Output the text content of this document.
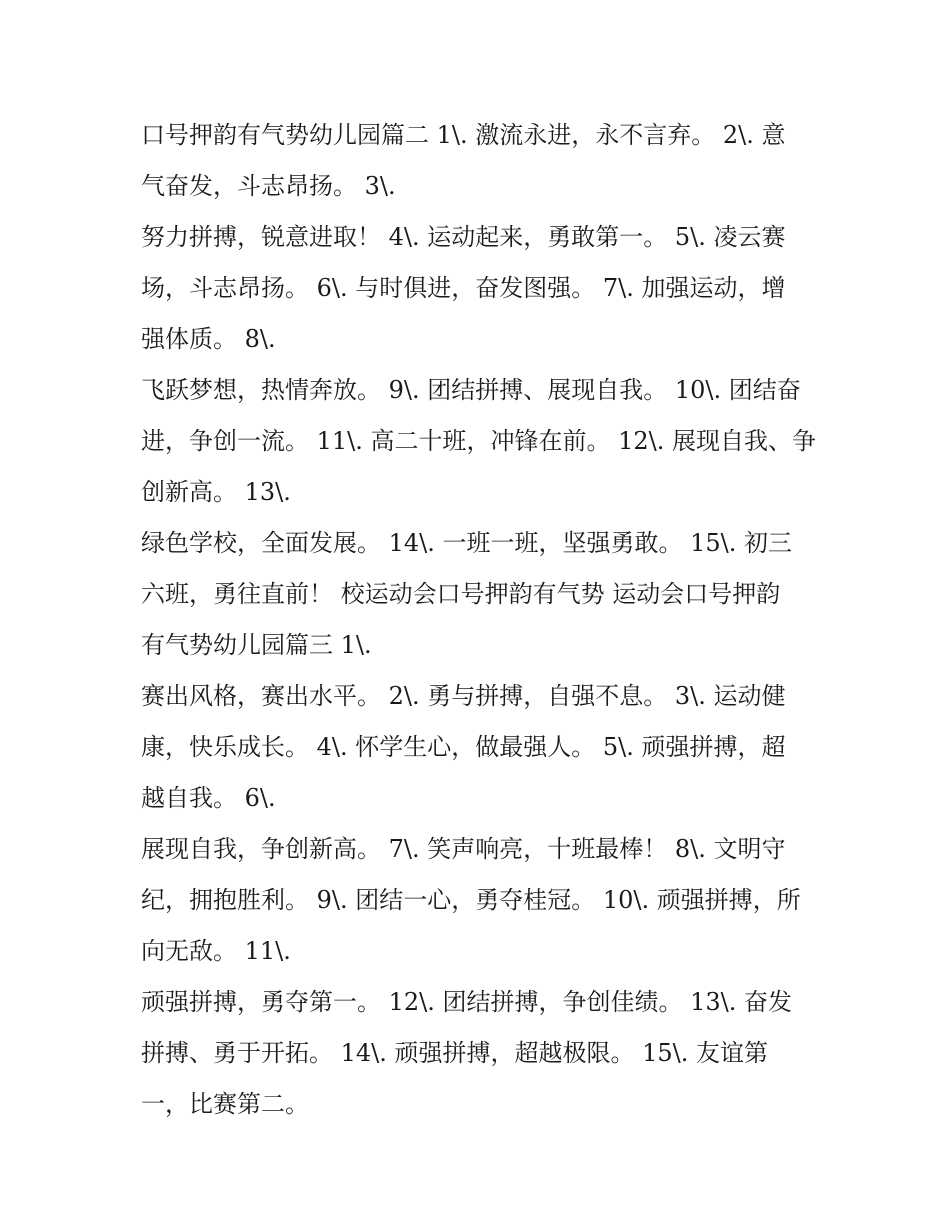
口号押韵有气势幼儿园篇二 1\. 激流永进，永不言弃。 2\. 意
气奋发，斗志昂扬。 3\.
努力拼搏，锐意进取！ 4\. 运动起来，勇敢第一。 5\. 凌云赛
场，斗志昂扬。 6\. 与时俱进，奋发图强。 7\. 加强运动，增
强体质。 8\.
飞跃梦想，热情奔放。 9\. 团结拼搏、展现自我。 10\. 团结奋
进，争创一流。 11\. 高二十班，冲锋在前。 12\. 展现自我、争
创新高。 13\.
绿色学校，全面发展。 14\. 一班一班，坚强勇敢。 15\. 初三
六班，勇往直前！ 校运动会口号押韵有气势 运动会口号押韵
有气势幼儿园篇三 1\.
赛出风格，赛出水平。 2\. 勇与拼搏，自强不息。 3\. 运动健
康，快乐成长。 4\. 怀学生心，做最强人。 5\. 顽强拼搏，超
越自我。 6\.
展现自我，争创新高。 7\. 笑声响亮，十班最棒！ 8\. 文明守
纪，拥抱胜利。 9\. 团结一心，勇夺桂冠。 10\. 顽强拼搏，所
向无敌。 11\.
顽强拼搏，勇夺第一。 12\. 团结拼搏，争创佳绩。 13\. 奋发
拼搏、勇于开拓。 14\. 顽强拼搏，超越极限。 15\. 友谊第
一，比赛第二。
